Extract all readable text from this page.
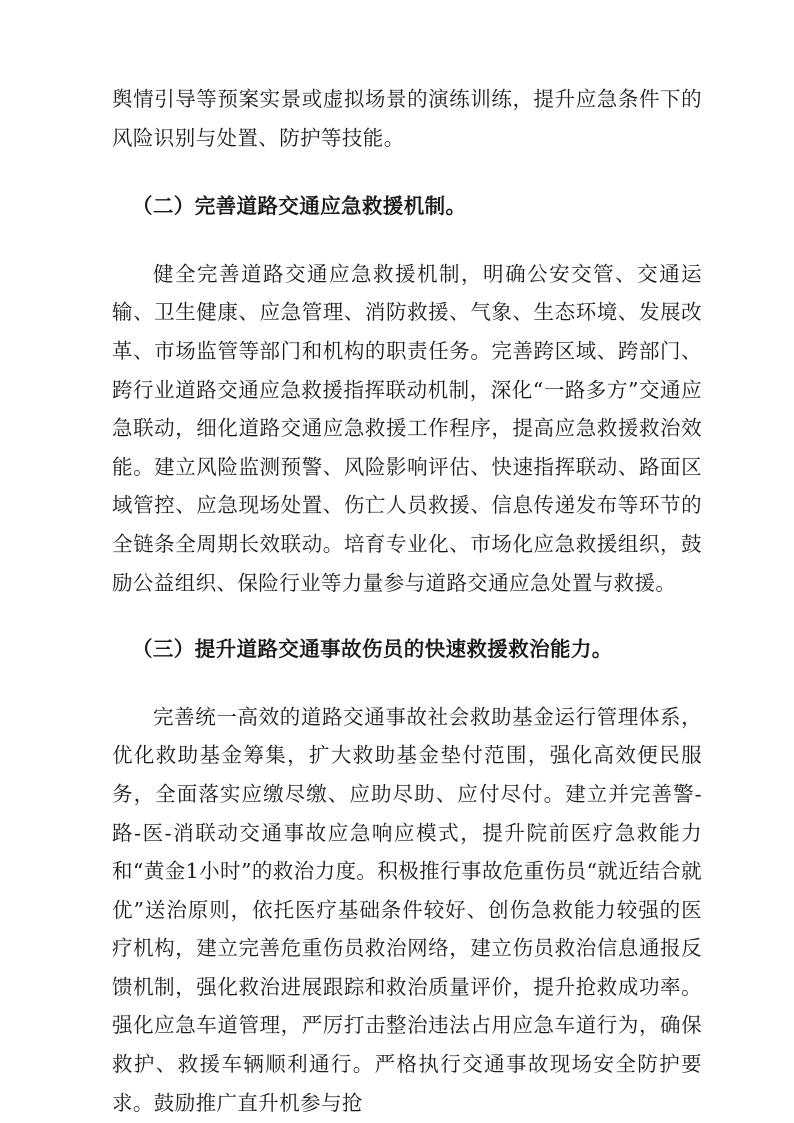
舆情引导等预案实景或虚拟场景的演练训练，提升应急条件下的风险识别与处置、防护等技能。

（二）完善道路交通应急救援机制。

健全完善道路交通应急救援机制，明确公安交管、交通运输、卫生健康、应急管理、消防救援、气象、生态环境、发展改革、市场监管等部门和机构的职责任务。完善跨区域、跨部门、跨行业道路交通应急救援指挥联动机制，深化“一路多方”交通应急联动，细化道路交通应急救援工作程序，提高应急救援救治效能。建立风险监测预警、风险影响评估、快速指挥联动、路面区域管控、应急现场处置、伤亡人员救援、信息传递发布等环节的全链条全周期长效联动。培育专业化、市场化应急救援组织，鼓励公益组织、保险行业等力量参与道路交通应急处置与救援。

（三）提升道路交通事故伤员的快速救援救治能力。

完善统一高效的道路交通事故社会救助基金运行管理体系，优化救助基金筹集，扩大救助基金垫付范围，强化高效便民服务，全面落实应缴尽缴、应助尽助、应付尽付。建立并完善警-路-医-消联动交通事故应急响应模式，提升院前医疗急救能力和“黄金1小时”的救治力度。积极推行事故危重伤员“就近结合就优”送治原则，依托医疗基础条件较好、创伤急救能力较强的医疗机构，建立完善危重伤员救治网络，建立伤员救治信息通报反馈机制，强化救治进展跟踪和救治质量评价，提升抢救成功率。强化应急车道管理，严厉打击整治违法占用应急车道行为，确保救护、救援车辆顺利通行。严格执行交通事故现场安全防护要求。鼓励推广直升机参与抢
